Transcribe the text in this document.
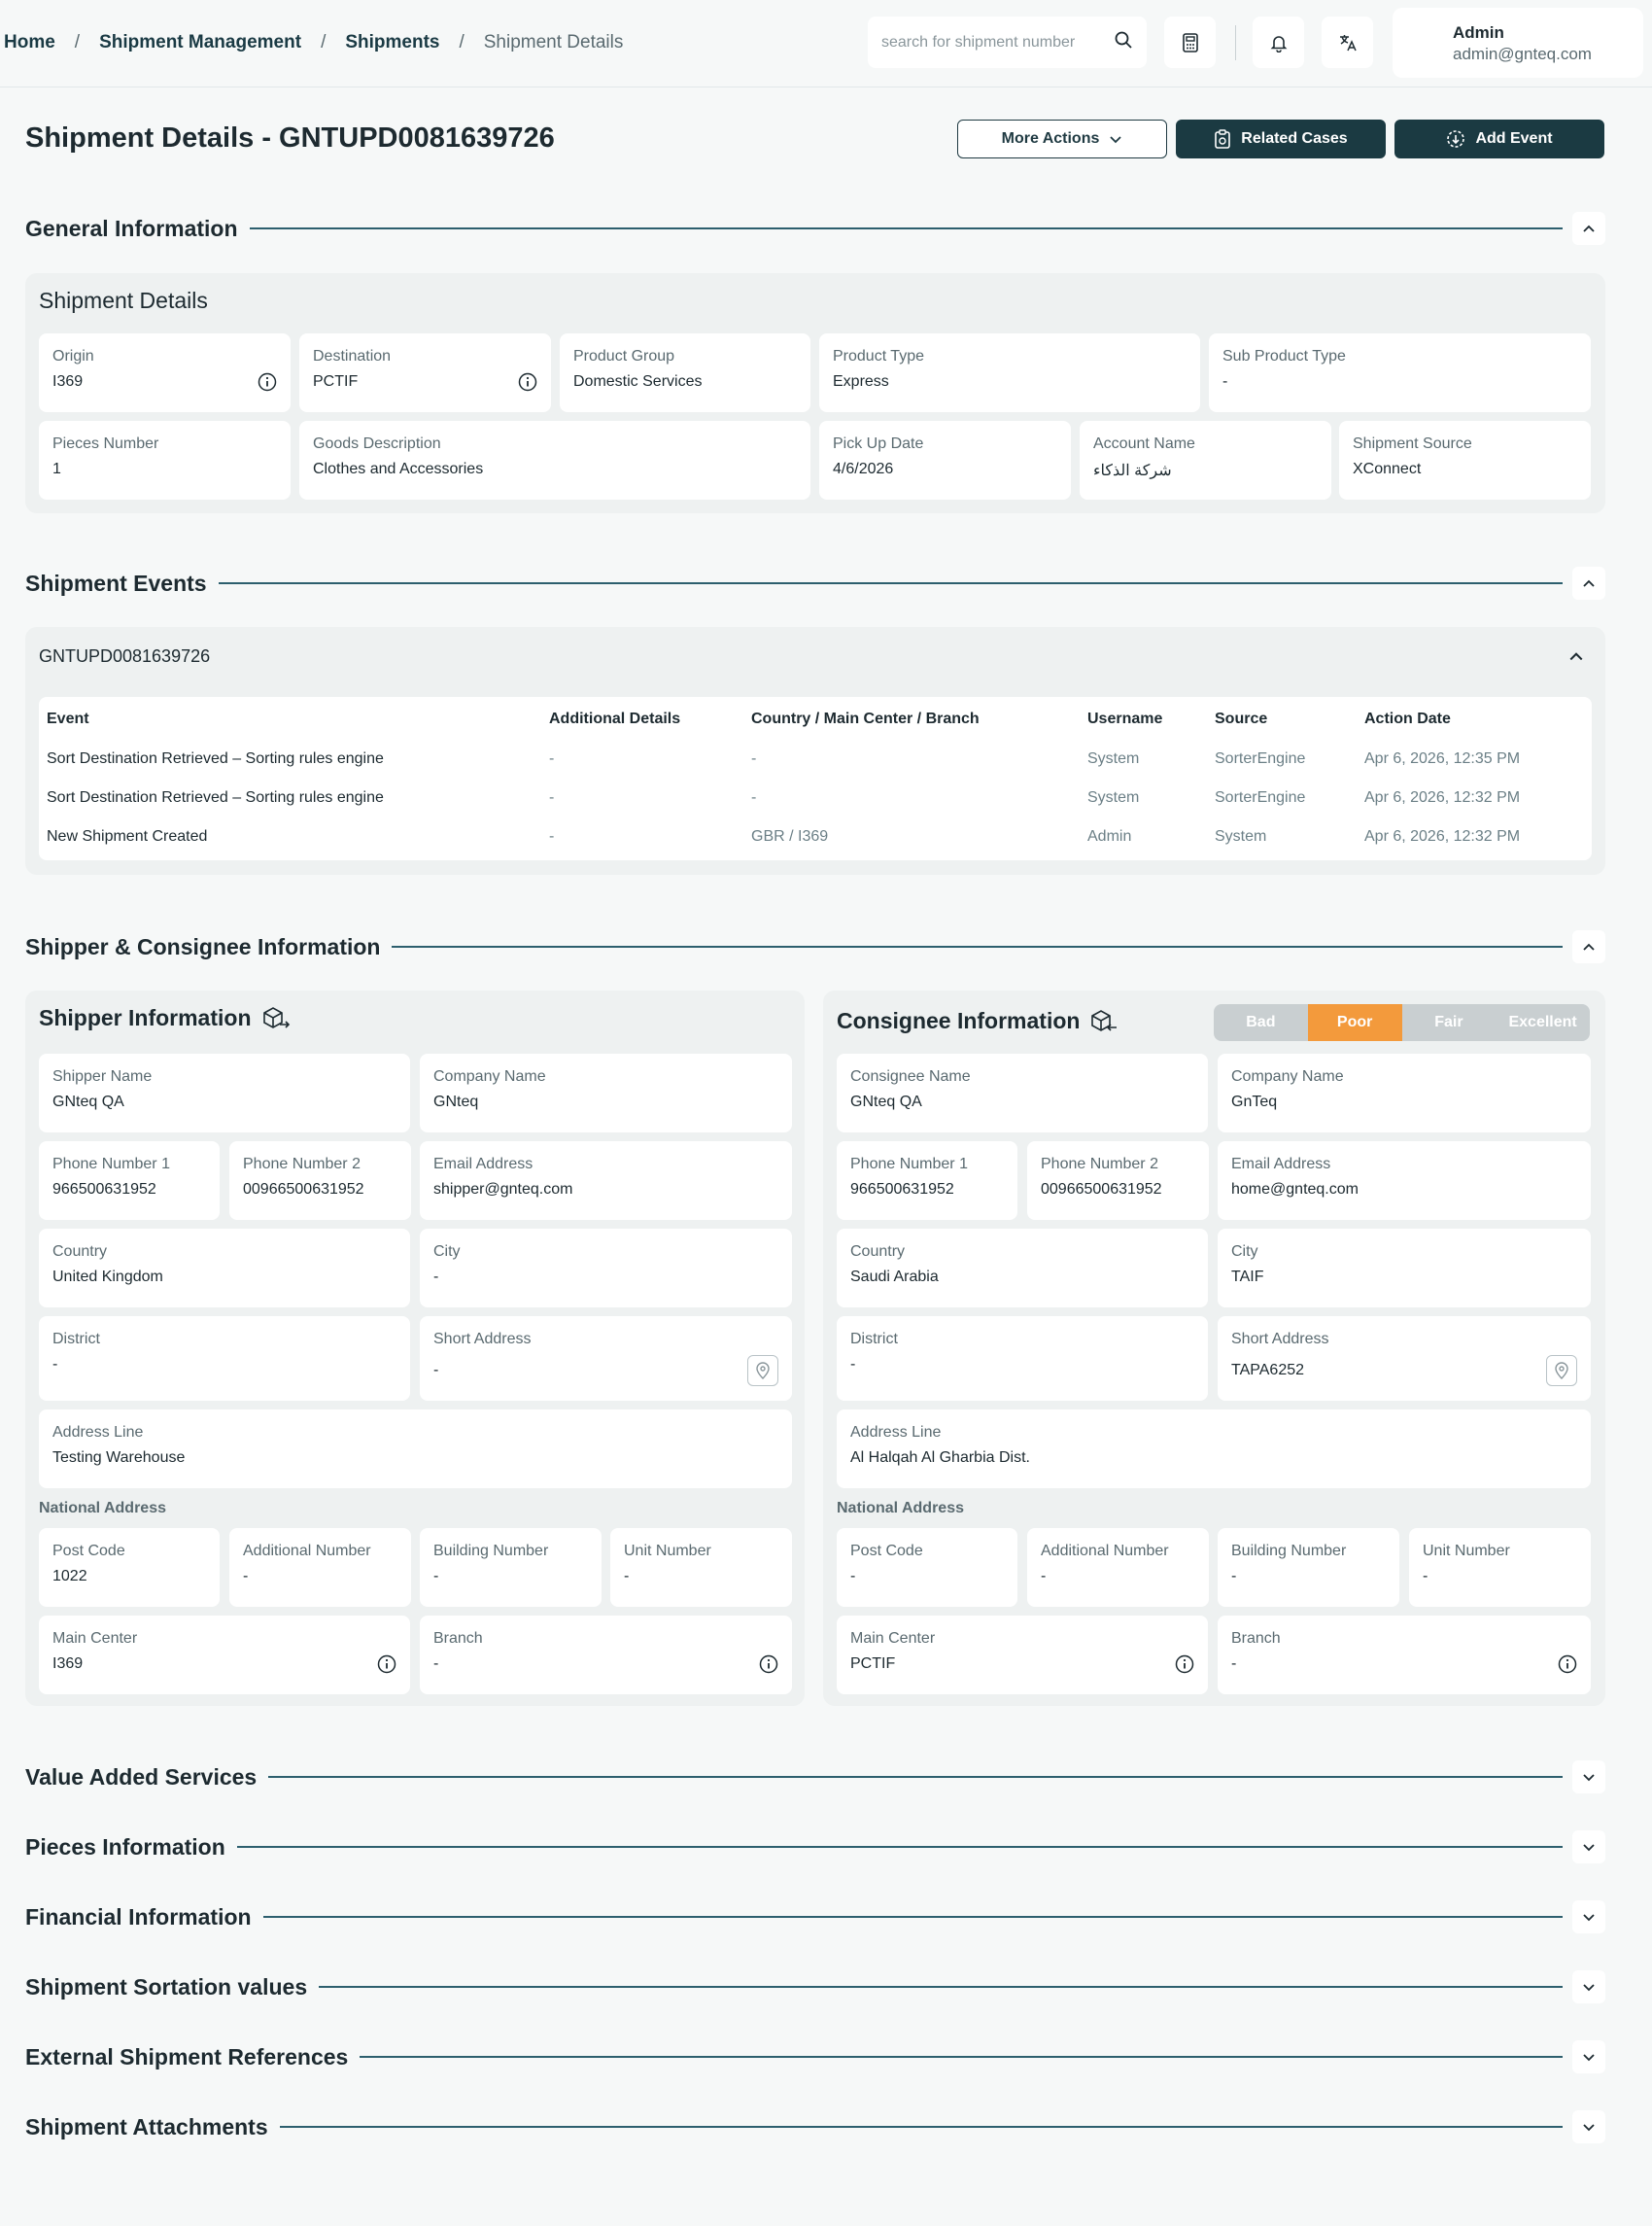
Home / Shipment Management / Shipments / Shipment Details
search for shipment number	Admin
admin@gnteq.com
Shipment Details - GNTUPD0081639726	More Actions	Related Cases	Add Event
General Information
Shipment Details
Origin
I369
Destination
PCTIF
Product Group
Domestic Services
Product Type
Express
Sub Product Type
-
Pieces Number
1
Goods Description
Clothes and Accessories
Pick Up Date
4/6/2026
Account Name
شركة الذكاء
Shipment Source
XConnect
Shipment Events
GNTUPD0081639726
Event	Additional Details	Country / Main Center / Branch	Username	Source	Action Date
Sort Destination Retrieved – Sorting rules engine	-	-	System	SorterEngine	Apr 6, 2026, 12:35 PM
Sort Destination Retrieved – Sorting rules engine	-	-	System	SorterEngine	Apr 6, 2026, 12:32 PM
New Shipment Created	-	GBR / I369	Admin	System	Apr 6, 2026, 12:32 PM
Shipper & Consignee Information
Shipper Information
Shipper Name
GNteq QA
Company Name
GNteq
Phone Number 1
966500631952
Phone Number 2
00966500631952
Email Address
shipper@gnteq.com
Country
United Kingdom
City
-
District
-
Short Address
-
Address Line
Testing Warehouse
National Address
Post Code
1022
Additional Number
-
Building Number
-
Unit Number
-
Main Center
I369
Branch
-
Consignee Information	Bad	Poor	Fair	Excellent
Consignee Name
GNteq QA
Company Name
GnTeq
Phone Number 1
966500631952
Phone Number 2
00966500631952
Email Address
home@gnteq.com
Country
Saudi Arabia
City
TAIF
District
-
Short Address
TAPA6252
Address Line
Al Halqah Al Gharbia Dist.
National Address
Post Code
-
Additional Number
-
Building Number
-
Unit Number
-
Main Center
PCTIF
Branch
-
Value Added Services
Pieces Information
Financial Information
Shipment Sortation values
External Shipment References
Shipment Attachments
